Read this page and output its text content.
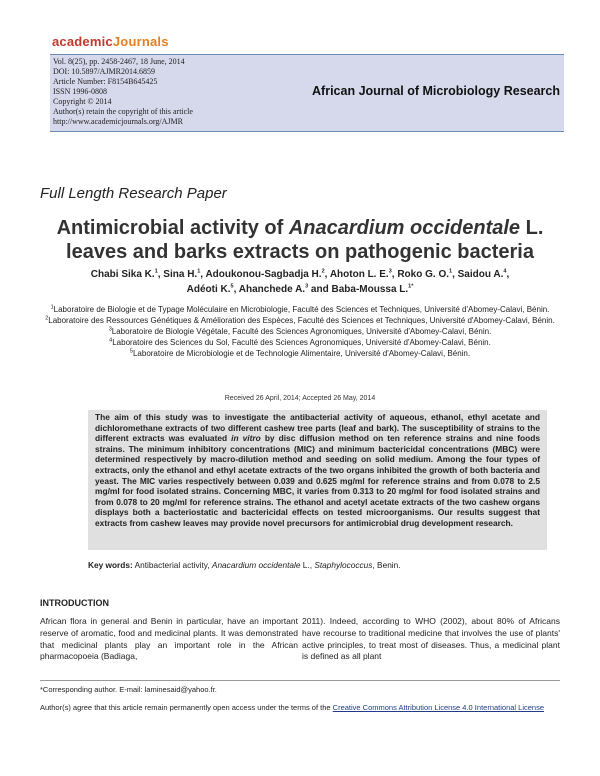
academicJournals
Vol. 8(25), pp. 2458-2467, 18 June, 2014
DOI: 10.5897/AJMR2014.6859
Article Number: F8154B645425
ISSN 1996-0808
Copyright © 2014
Author(s) retain the copyright of this article
http://www.academicjournals.org/AJMR
African Journal of Microbiology Research
Full Length Research Paper
Antimicrobial activity of Anacardium occidentale L. leaves and barks extracts on pathogenic bacteria
Chabi Sika K.$^1$, Sina H.$^1$, Adoukonou-Sagbadja H.$^2$, Ahoton L. E.$^3$, Roko G. O.$^1$, Saidou A.$^4$,
Adéoti K.$^5$, Ahanchede A.$^3$ and Baba-Moussa L.$^{1*}$

$^1$Laboratoire de Biologie et de Typage Moléculaire en Microbiologie, Faculté des Sciences et Techniques, Université d'Abomey-Calavi, Bénin.

$^2$Laboratoire des Ressources Génétiques & Amélioration des Espèces, Faculté des Sciences et Techniques, Université d'Abomey-Calavi, Bénin.

$^3$Laboratoire de Biologie Végétale, Faculté des Sciences Agronomiques, Université d'Abomey-Calavi, Bénin.

$^4$Laboratoire des Sciences du Sol, Faculté des Sciences Agronomiques, Université d'Abomey-Calavi, Bénin.

$^5$Laboratoire de Microbiologie et de Technologie Alimentaire, Université d'Abomey-Calavi, Bénin.

Received 26 April, 2014; Accepted 26 May, 2014
The aim of this study was to investigate the antibacterial activity of aqueous, ethanol, ethyl acetate and dichloromethane extracts of two different cashew tree parts (leaf and bark). The susceptibility of strains to the different extracts was evaluated in vitro by disc diffusion method on ten reference strains and nine foods strains. The minimum inhibitory concentrations (MIC) and minimum bactericidal concentrations (MBC) were determined respectively by macro-dilution method and seeding on solid medium. Among the four types of extracts, only the ethanol and ethyl acetate extracts of the two organs inhibited the growth of both bacteria and yeast. The MIC varies respectively between 0.039 and 0.625 mg/ml for reference strains and from 0.078 to 2.5 mg/ml for food isolated strains. Concerning MBC, it varies from 0.313 to 20 mg/ml for food isolated strains and from 0.078 to 20 mg/ml for reference strains. The ethanol and acetyl acetate extracts of the two cashew organs displays both a bacteriostatic and bactericidal effects on tested microorganisms. Our results suggest that extracts from cashew leaves may provide novel precursors for antimicrobial drug development research.
Key words: Antibacterial activity, Anacardium occidentale L., Staphylococcus, Benin.
INTRODUCTION
African flora in general and Benin in particular, have an important reserve of aromatic, food and medicinal plants. It was demonstrated that medicinal plants play an important role in the African pharmacopoeia (Badiaga,
2011). Indeed, according to WHO (2002), about 80% of Africans have recourse to traditional medicine that involves the use of plants' active principles, to treat most of diseases. Thus, a medicinal plant is defined as all plant

*Corresponding author. E-mail: laminesaid@yahoo.fr.

Author(s) agree that this article remain permanently open access under the terms of the Creative Commons Attribution License 4.0 International License
